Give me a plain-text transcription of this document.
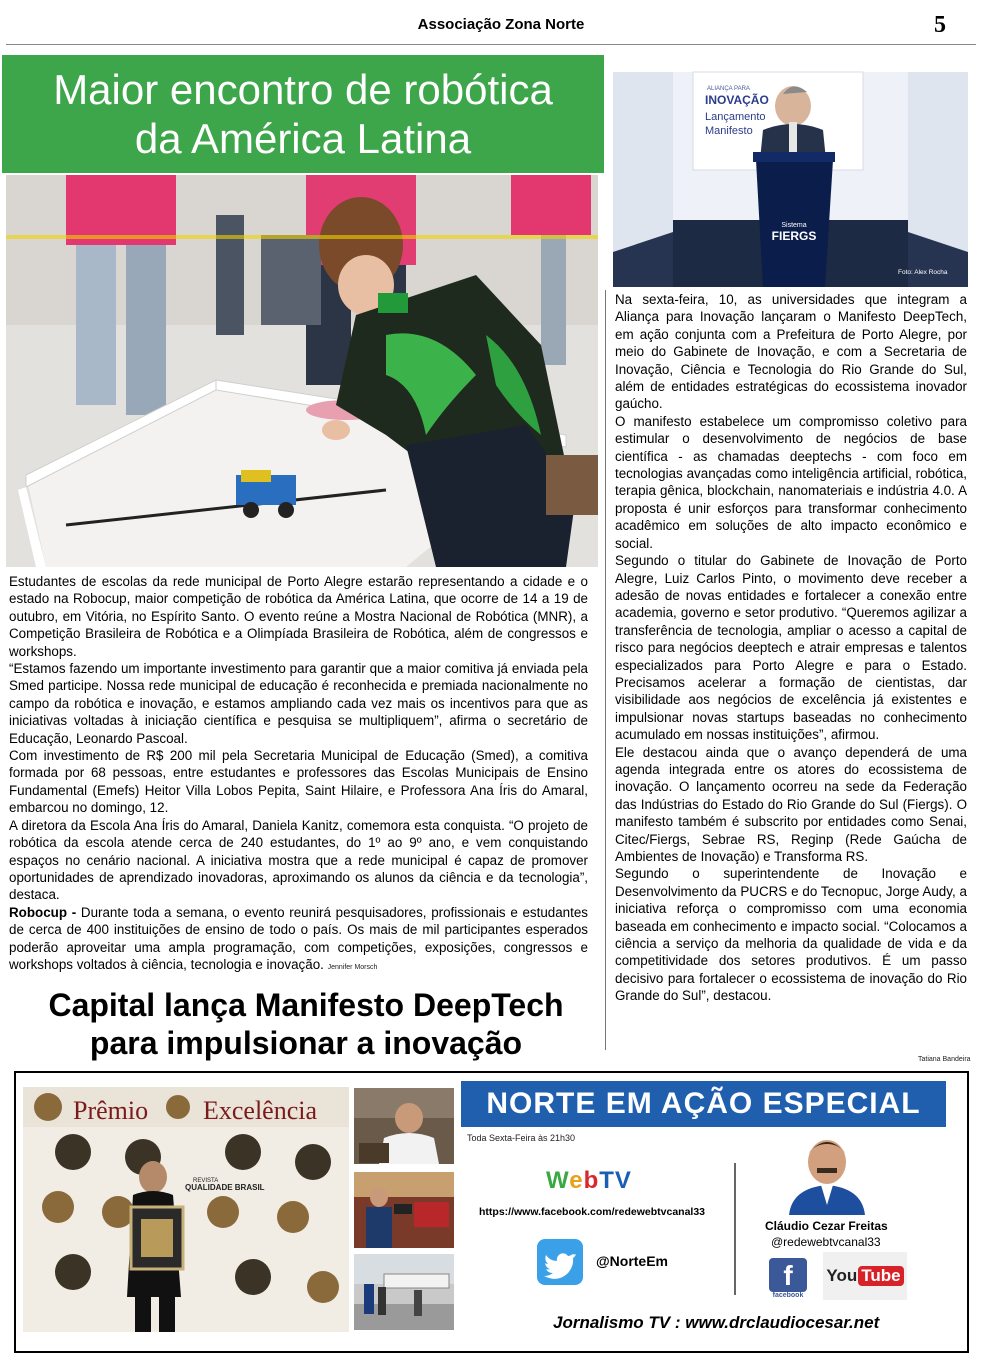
Associação Zona Norte	5
Maior encontro de robótica
da América Latina

Estudantes de escolas da rede municipal de Porto Alegre estarão representando a cidade e o estado na Robocup, maior competição de robótica da América Latina, que ocorre de 14 a 19 de outubro, em Vitória, no Espírito Santo. O evento reúne a Mostra Nacional de Robótica (MNR), a Competição Brasileira de Robótica e a Olimpíada Brasileira de Robótica, além de congressos e workshops.

“Estamos fazendo um importante investimento para garantir que a maior comitiva já enviada pela Smed participe. Nossa rede municipal de educação é reconhecida e premiada nacionalmente no campo da robótica e inovação, e estamos ampliando cada vez mais os incentivos para que as iniciativas voltadas à iniciação científica e pesquisa se multipliquem”, afirma o secretário de Educação, Leonardo Pascoal.

Com investimento de R$ 200 mil pela Secretaria Municipal de Educação (Smed), a comitiva formada por 68 pessoas, entre estudantes e professores das Escolas Municipais de Ensino Fundamental (Emefs) Heitor Villa Lobos Pepita, Saint Hilaire, e Professora Ana Íris do Amaral, embarcou no domingo, 12.

A diretora da Escola Ana Íris do Amaral, Daniela Kanitz, comemora esta conquista. “O projeto de robótica da escola atende cerca de 240 estudantes, do 1º ao 9º ano, e vem conquistando espaços no cenário nacional. A iniciativa mostra que a rede municipal é capaz de promover oportunidades de aprendizado inovadoras, aproximando os alunos da ciência e da tecnologia”, destaca.

Robocup - Durante toda a semana, o evento reunirá pesquisadores, profissionais e estudantes de cerca de 400 instituições de ensino de todo o país. Os mais de mil participantes esperados poderão aproveitar uma ampla programação, com competições, exposições, congressos e workshops voltados à ciência, tecnologia e inovação. Jennifer Morsch

Capital lança Manifesto DeepTech
para impulsionar a inovação
ALIANÇA PARA
INOVAÇÃO
Lançamento
Manifesto
Sistema
FIERGS
Foto: Alex Rocha

Na sexta-feira, 10, as universidades que integram a Aliança para Inovação lançaram o Manifesto DeepTech, em ação conjunta com a Prefeitura de Porto Alegre, por meio do Gabinete de Inovação, e com a Secretaria de Inovação, Ciência e Tecnologia do Rio Grande do Sul, além de entidades estratégicas do ecossistema inovador gaúcho.

O manifesto estabelece um compromisso coletivo para estimular o desenvolvimento de negócios de base científica - as chamadas deeptechs - com foco em tecnologias avançadas como inteligência artificial, robótica, terapia gênica, blockchain, nanomateriais e indústria 4.0. A proposta é unir esforços para transformar conhecimento acadêmico em soluções de alto impacto econômico e social.

Segundo o titular do Gabinete de Inovação de Porto Alegre, Luiz Carlos Pinto, o movimento deve receber a adesão de novas entidades e fortalecer a conexão entre academia, governo e setor produtivo. “Queremos agilizar a transferência de tecnologia, ampliar o acesso a capital de risco para negócios deeptech e atrair empresas e talentos especializados para Porto Alegre e para o Estado. Precisamos acelerar a formação de cientistas, dar visibilidade aos negócios de excelência já existentes e impulsionar novas startups baseadas no conhecimento acumulado em nossas instituições”, afirmou.

Ele destacou ainda que o avanço dependerá de uma agenda integrada entre os atores do ecossistema de inovação. O lançamento ocorreu na sede da Federação das Indústrias do Estado do Rio Grande do Sul (Fiergs). O manifesto também é subscrito por entidades como Senai, Citec/Fiergs, Sebrae RS, Reginp (Rede Gaúcha de Ambientes de Inovação) e Transforma RS.

Segundo o superintendente de Inovação e Desenvolvimento da PUCRS e do Tecnopuc, Jorge Audy, a iniciativa reforça o compromisso com uma economia baseada em conhecimento e impacto social. “Colocamos a ciência a serviço da melhoria da qualidade de vida e da competitividade dos setores produtivos. É um passo decisivo para fortalecer o ecossistema de inovação do Rio Grande do Sul”, destacou.

Tatiana Bandeira
Prêmio Excelência
REVISTA
QUALIDADE BRASIL
NORTE EM AÇÃO ESPECIAL
Toda Sexta-Feira às 21h30
WebTV
https://www.facebook.com/redewebtvcanal33
@NorteEm
Cláudio Cezar Freitas
@redewebtvcanal33
f
facebook
You Tube
Jornalismo TV : www.drclaudiocesar.net
